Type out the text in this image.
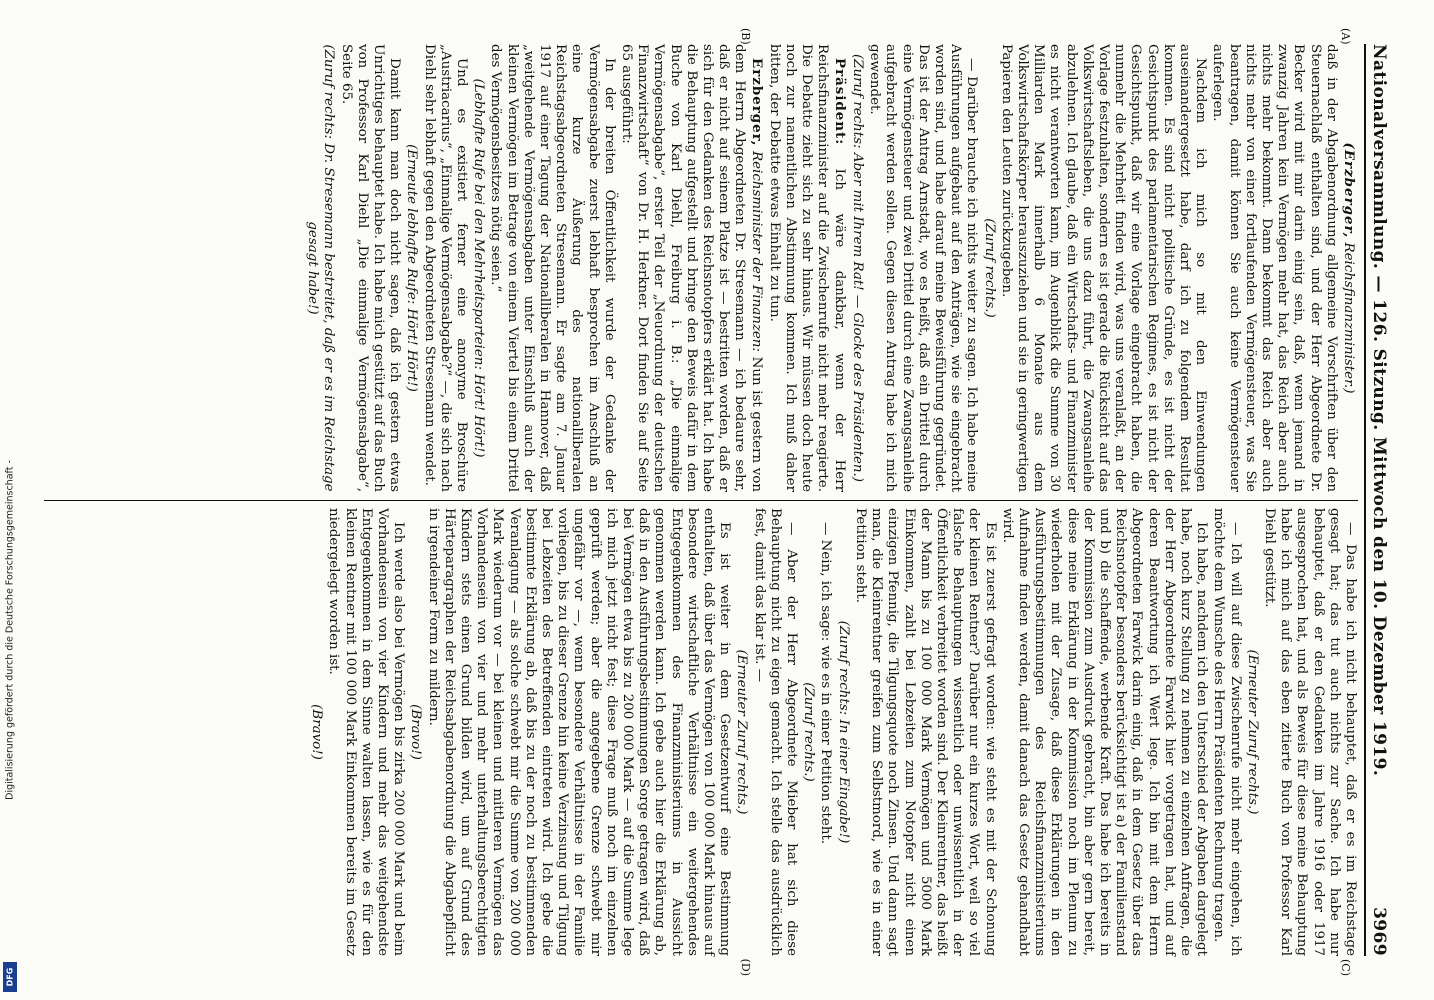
Nationalversammlung. — 126. Sitzung. Mittwoch den 10. Dezember 1919.
3969
(A)
(B)
(C)
(D)

(Erzberger, Reichsfinanzminister.)

daß in der Abgabenordnung allgemeine Vorschriften über den Steuernachlaß enthalten sind, und der Herr Abgeordnete Dr. Becker wird mit mir darin einig sein, daß, wenn jemand in zwanzig Jahren kein Vermögen mehr hat, das Reich aber auch nichts mehr bekommt. Dann bekommt das Reich aber auch nichts mehr von einer fortlaufenden Vermögensteuer, was Sie beantragen, damit können Sie auch keine Vermögensteuer auferlegen.

Nachdem ich mich so mit den Einwendungen auseinandergesetzt habe, darf ich zu folgendem Resultat kommen. Es sind nicht politische Gründe, es ist nicht der Gesichtspunkt des parlamentarischen Regimes, es ist nicht der Gesichtspunkt, daß wir eine Vorlage eingebracht haben, die nunmehr die Mehrheit finden wird, was uns veranlaßt, an der Vorlage festzuhalten, sondern es ist gerade die Rücksicht auf das Volkswirtschaftsleben, die uns dazu führt, die Zwangsanleihe abzulehnen. Ich glaube, daß ein Wirtschafts- und Finanzminister es nicht verantworten kann, im Augenblick die Summe von 30 Milliarden Mark innerhalb 6 Monate aus dem Volkswirtschaftskörper herauszuziehen und sie in geringwertigen Papieren den Leuten zurückzugeben.

(Zuruf rechts.)

— Darüber brauche ich nichts weiter zu sagen. Ich habe meine Ausführungen aufgebaut auf den Anträgen, wie sie eingebracht worden sind, und habe darauf meine Beweisführung gegründet. Das ist der Antrag Arnstadt, wo es heißt, daß ein Drittel durch eine Vermögensteuer und zwei Drittel durch eine Zwangsanleihe aufgebracht werden sollen. Gegen diesen Antrag habe ich mich gewendet.

(Zuruf rechts: Aber mit Ihrem Rat! — Glocke des Präsidenten.)

Präsident: Ich wäre dankbar, wenn der Herr Reichsfinanzminister auf die Zwischenrufe nicht mehr reagierte. Die Debatte zieht sich zu sehr hinaus. Wir müssen doch heute noch zur namentlichen Abstimmung kommen. Ich muß daher bitten, der Debatte etwas Einhalt zu tun.

Erzberger, Reichsminister der Finanzen: Nun ist gestern von dem Herrn Abgeordneten Dr. Stresemann — ich bedaure sehr, daß er nicht auf seinem Platze ist — bestritten worden, daß er sich für den Gedanken des Reichsnotopfers erklärt hat. Ich habe die Behauptung aufgestellt und bringe den Beweis dafür in dem Buche von Karl Diehl, Freiburg i. B.: „Die einmalige Vermögensabgabe“, erster Teil der „Neuordnung der deutschen Finanzwirtschaft“ von Dr. H. Herkner. Dort finden Sie auf Seite 65 ausgeführt:

In der breiten Öffentlichkeit wurde der Gedanke der Vermögensabgabe zuerst lebhaft besprochen im Anschluß an eine kurze Äußerung des nationalliberalen Reichstagsabgeordneten Stresemann. Er sagte am 7. Januar 1917 auf einer Tagung der Nationalliberalen in Hannover, daß „weitgehende Vermögensabgaben unter Einschluß auch der kleinen Vermögen im Betrage von einem Viertel bis einem Drittel des Vermögensbesitzes nötig seien.“

(Lebhafte Rufe bei den Mehrheitsparteien: Hört! Hört!)

Und es existiert ferner eine anonyme Broschüre „Austriacarius“, „Einmalige Vermögensabgabe?“ —, die sich nach Diehl sehr lebhaft gegen den Abgeordneten Stresemann wendet.

(Erneute lebhafte Rufe: Hört! Hört!)

Damit kann man doch nicht sagen, daß ich gestern etwas Unrichtiges behauptet habe. Ich habe mich gestützt auf das Buch von Professor Karl Diehl „Die einmalige Vermögensabgabe“, Seite 65.

(Zuruf rechts: Dr. Stresemann bestreitet, daß er es im Reichstage gesagt habe!)

— Das habe ich nicht behauptet, daß er es im Reichstage gesagt hat; das tut auch nichts zur Sache. Ich habe nur behauptet, daß er den Gedanken im Jahre 1916 oder 1917 ausgesprochen hat, und als Beweis für diese meine Behauptung habe ich mich auf das eben zitierte Buch von Professor Karl Diehl gestützt.

(Erneuter Zuruf rechts.)

— Ich will auf diese Zwischenrufe nicht mehr eingehen, ich möchte dem Wunsche des Herrn Präsidenten Rechnung tragen.

Ich habe, nachdem ich den Unterschied der Abgaben dargelegt habe, noch kurz Stellung zu nehmen zu einzelnen Anfragen, die der Herr Abgeordnete Farwick hier vorgetragen hat, und auf deren Beantwortung ich Wert lege. Ich bin mit dem Herrn Abgeordneten Farwick darin einig, daß in dem Gesetz über das Reichsnotopfer besonders berücksichtigt ist a) der Familienstand und b) die schaffende, werbende Kraft. Das habe ich bereits in der Kommission zum Ausdruck gebracht, bin aber gern bereit, diese meine Erklärung in der Kommission noch im Plenum zu wiederholen mit der Zusage, daß diese Erklärungen in den Ausführungsbestimmungen des Reichsfinanzministeriums Aufnahme finden werden, damit danach das Gesetz gehandhabt wird.

Es ist zuerst gefragt worden: wie steht es mit der Schonung der kleinen Rentner? Darüber nur ein kurzes Wort, weil so viel falsche Behauptungen wissentlich oder unwissentlich in der Öffentlichkeit verbreitet worden sind. Der Kleinrentner, das heißt der Mann bis zu 100 000 Mark Vermögen und 5000 Mark Einkommen, zahlt bei Lebzeiten zum Notopfer nicht einen einzigen Pfennig, die Tilgungsquote noch Zinsen. Und dann sagt man, die Kleinrentner greifen zum Selbstmord, wie es in einer Petition steht.

(Zuruf rechts: In einer Eingabe!)

— Nein, ich sage: wie es in einer Petition steht.

(Zuruf rechts.)

— Aber der Herr Abgeordnete Mieber hat sich diese Behauptung nicht zu eigen gemacht. Ich stelle das ausdrücklich fest, damit das klar ist. —

(Erneuter Zuruf rechts.)

Es ist weiter in dem Gesetzentwurf eine Bestimmung enthalten, daß über das Vermögen von 100 000 Mark hinaus auf besondere wirtschaftliche Verhältnisse ein weitergehendes Entgegenkommen des Finanzministeriums in Aussicht genommen werden kann. Ich gebe auch hier die Erklärung ab, daß in den Ausführungsbestimmungen Sorge getragen wird, daß bei Vermögen etwa bis zu 200 000 Mark — auf die Summe lege ich mich jetzt nicht fest; diese Frage muß noch im einzelnen geprüft werden; aber die angegebene Grenze schwebt mir ungefähr vor —, wenn besondere Verhältnisse in der Familie vorliegen, bis zu dieser Grenze hin keine Verzinsung und Tilgung bei Lebzeiten des Betreffenden eintreten wird. Ich gebe die bestimmte Erklärung ab, daß bis zu der noch zu bestimmenden Veranlagung — als solche schwebt mir die Summe von 200 000 Mark wiederum vor — bei kleinen und mittleren Vermögen das Vorhandensein von vier und mehr unterhaltungsberechtigten Kindern stets einen Grund bilden wird, um auf Grund des Härteparagraphen der Reichsabgabenordnung die Abgabepflicht in irgendeiner Form zu mildern.

(Bravo!)

Ich werde also bei Vermögen bis zirka 200 000 Mark und beim Vorhandensein von vier Kindern und mehr das weitgehendste Entgegenkommen in dem Sinne walten lassen, wie es für den kleinen Rentner mit 100 000 Mark Einkommen bereits im Gesetz niedergelegt worden ist.

(Bravo!)

Digitalisierung gefördert durch die Deutsche Forschungsgemeinschaft -
DFG
